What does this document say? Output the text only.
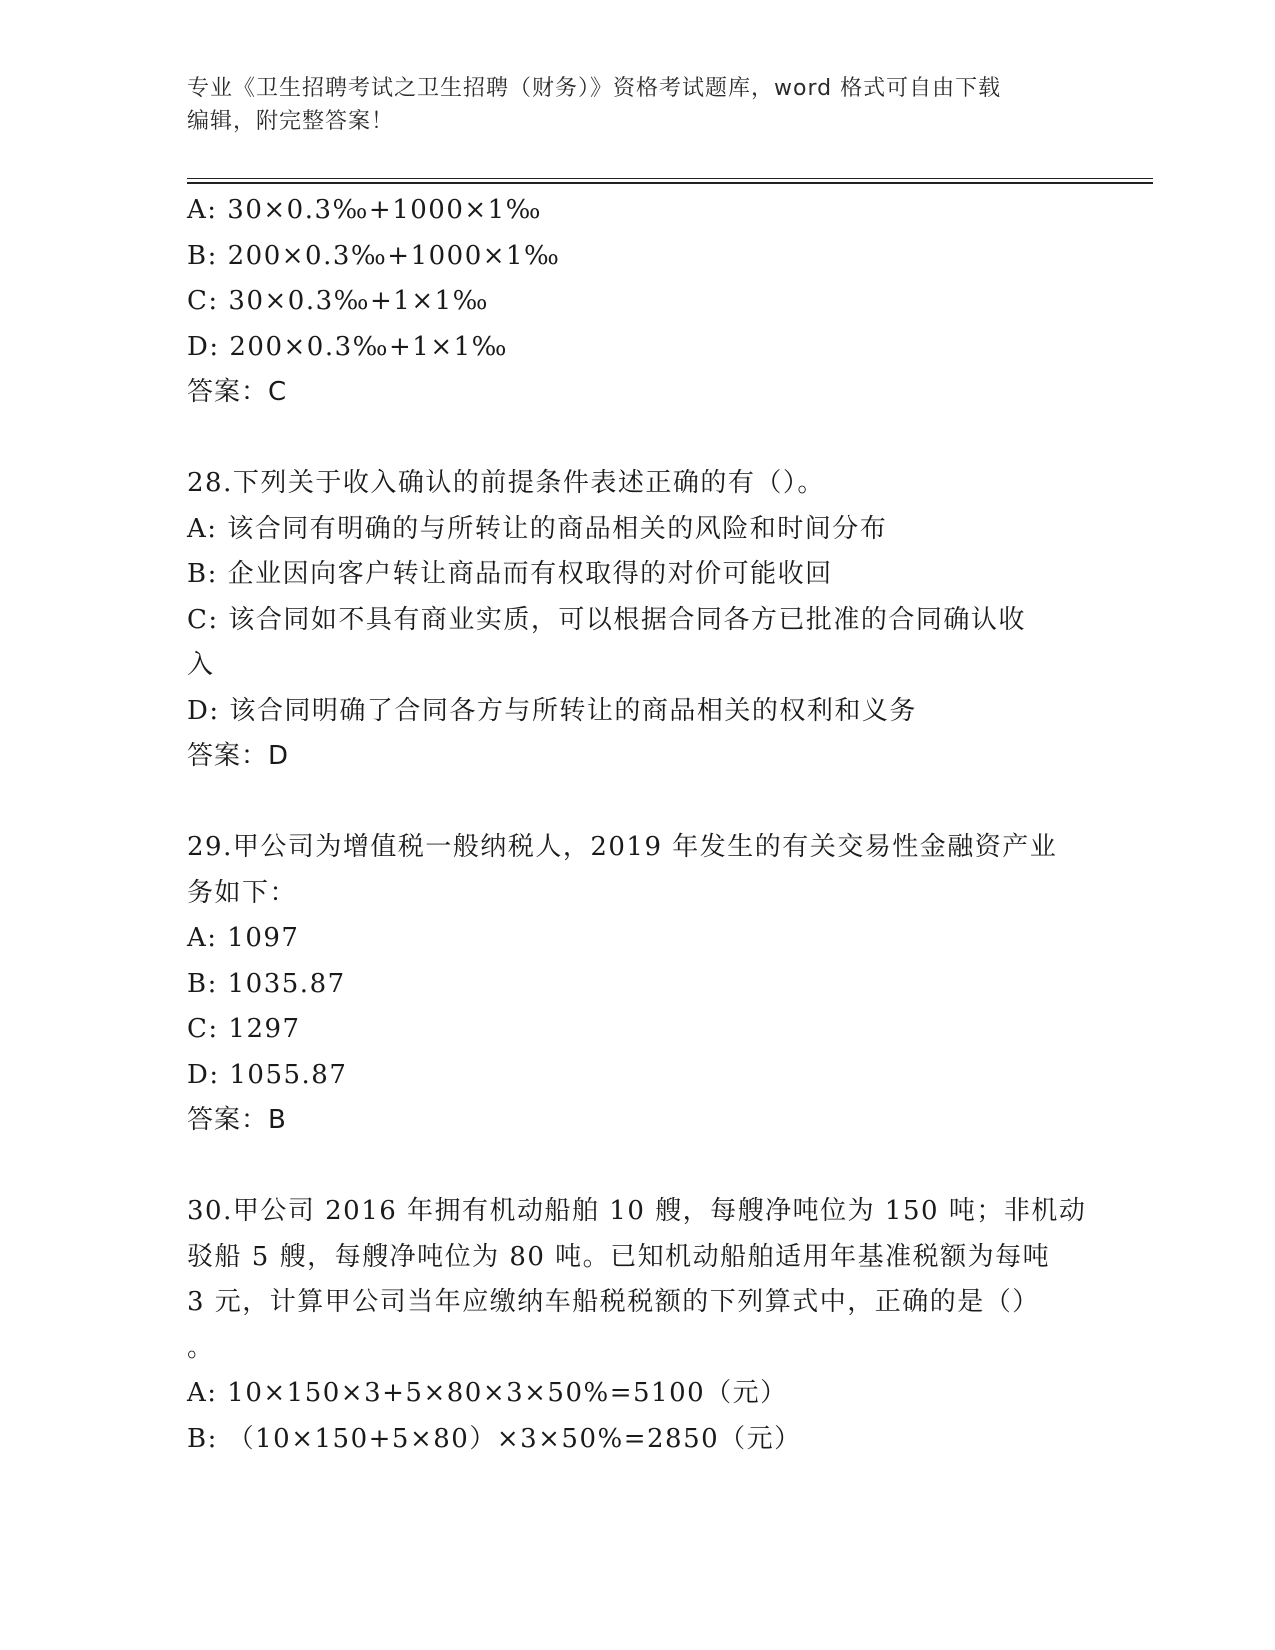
专业《卫生招聘考试之卫生招聘（财务）》资格考试题库，word 格式可自由下载
编辑，附完整答案！

A: 30×0.3‰+1000×1‰

B: 200×0.3‰+1000×1‰

C: 30×0.3‰+1×1‰

D: 200×0.3‰+1×1‰

答案：C

28.下列关于收入确认的前提条件表述正确的有（）。

A: 该合同有明确的与所转让的商品相关的风险和时间分布

B: 企业因向客户转让商品而有权取得的对价可能收回

C: 该合同如不具有商业实质，可以根据合同各方已批准的合同确认收

入

D: 该合同明确了合同各方与所转让的商品相关的权利和义务

答案：D

29.甲公司为增值税一般纳税人，2019 年发生的有关交易性金融资产业

务如下：

A: 1097

B: 1035.87

C: 1297

D: 1055.87

答案：B

30.甲公司 2016 年拥有机动船舶 10 艘，每艘净吨位为 150 吨；非机动

驳船 5 艘，每艘净吨位为 80 吨。已知机动船舶适用年基准税额为每吨

3 元，计算甲公司当年应缴纳车船税税额的下列算式中，正确的是（）

。

A: 10×150×3+5×80×3×50%=5100（元）

B: （10×150+5×80）×3×50%=2850（元）
